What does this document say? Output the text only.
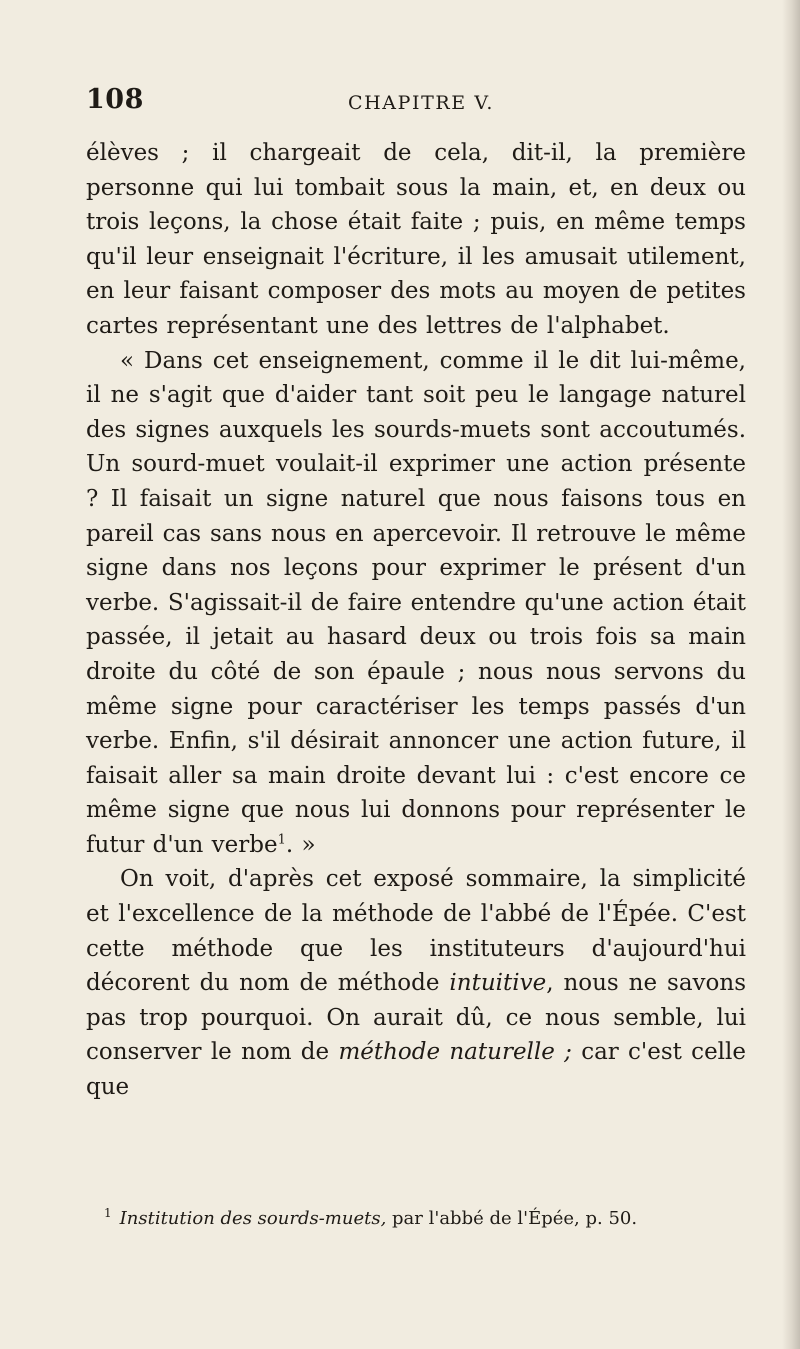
108	CHAPITRE V.

élèves ; il chargeait de cela, dit-il, la première personne qui lui tombait sous la main, et, en deux ou trois leçons, la chose était faite ; puis, en même temps qu'il leur enseignait l'écriture, il les amusait utilement, en leur faisant composer des mots au moyen de petites cartes représentant une des lettres de l'alphabet.

« Dans cet enseignement, comme il le dit lui-même, il ne s'agit que d'aider tant soit peu le langage naturel des signes auxquels les sourds-muets sont accoutumés. Un sourd-muet voulait-il exprimer une action présente ? Il faisait un signe naturel que nous faisons tous en pareil cas sans nous en apercevoir. Il retrouve le même signe dans nos leçons pour exprimer le présent d'un verbe. S'agissait-il de faire entendre qu'une action était passée, il jetait au hasard deux ou trois fois sa main droite du côté de son épaule ; nous nous servons du même signe pour caractériser les temps passés d'un verbe. Enfin, s'il désirait annoncer une action future, il faisait aller sa main droite devant lui : c'est encore ce même signe que nous lui donnons pour représenter le futur d'un verbe$^1$. »

On voit, d'après cet exposé sommaire, la simplicité et l'excellence de la méthode de l'abbé de l'Épée. C'est cette méthode que les instituteurs d'aujourd'hui décorent du nom de méthode intuitive, nous ne savons pas trop pourquoi. On aurait dû, ce nous semble, lui conserver le nom de méthode naturelle ; car c'est celle que

$^1$ Institution des sourds-muets, par l'abbé de l'Épée, p. 50.
